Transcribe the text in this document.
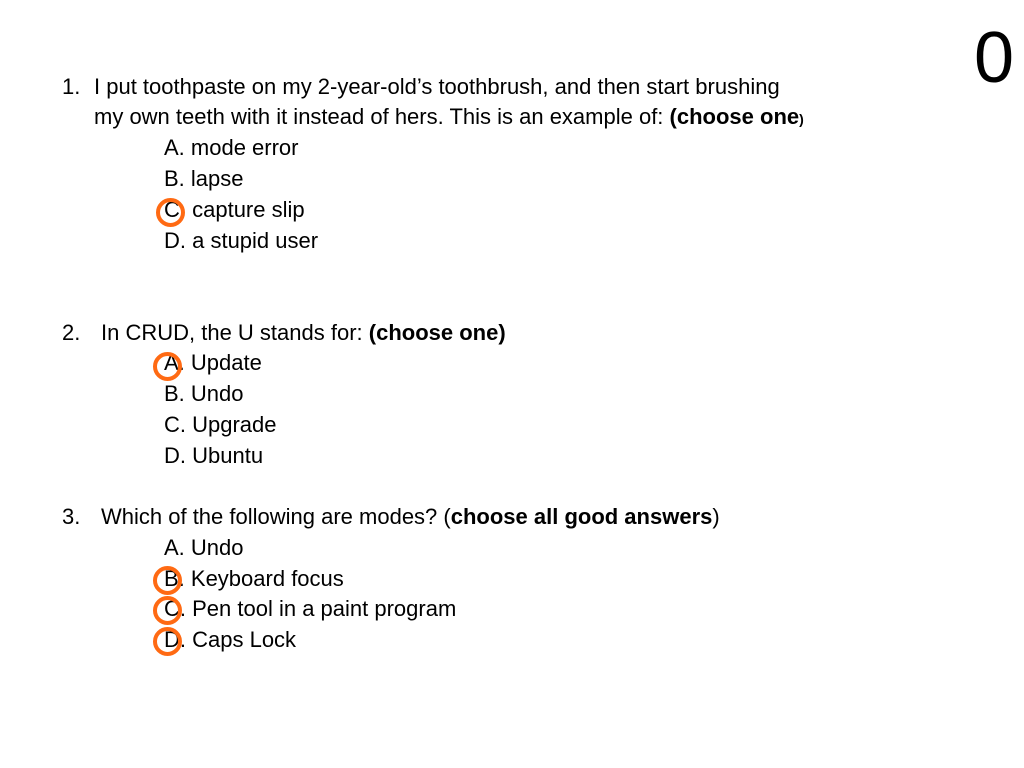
0
1. I put toothpaste on my 2-year-old’s toothbrush, and then start brushing
my own teeth with it instead of hers. This is an example of: (choose one)
A. mode error
B. lapse
C. capture slip
D. a stupid user
2. In CRUD, the U stands for: (choose one)
A. Update
B. Undo
C. Upgrade
D. Ubuntu
3. Which of the following are modes? (choose all good answers)
A. Undo
B. Keyboard focus
C. Pen tool in a paint program
D. Caps Lock
